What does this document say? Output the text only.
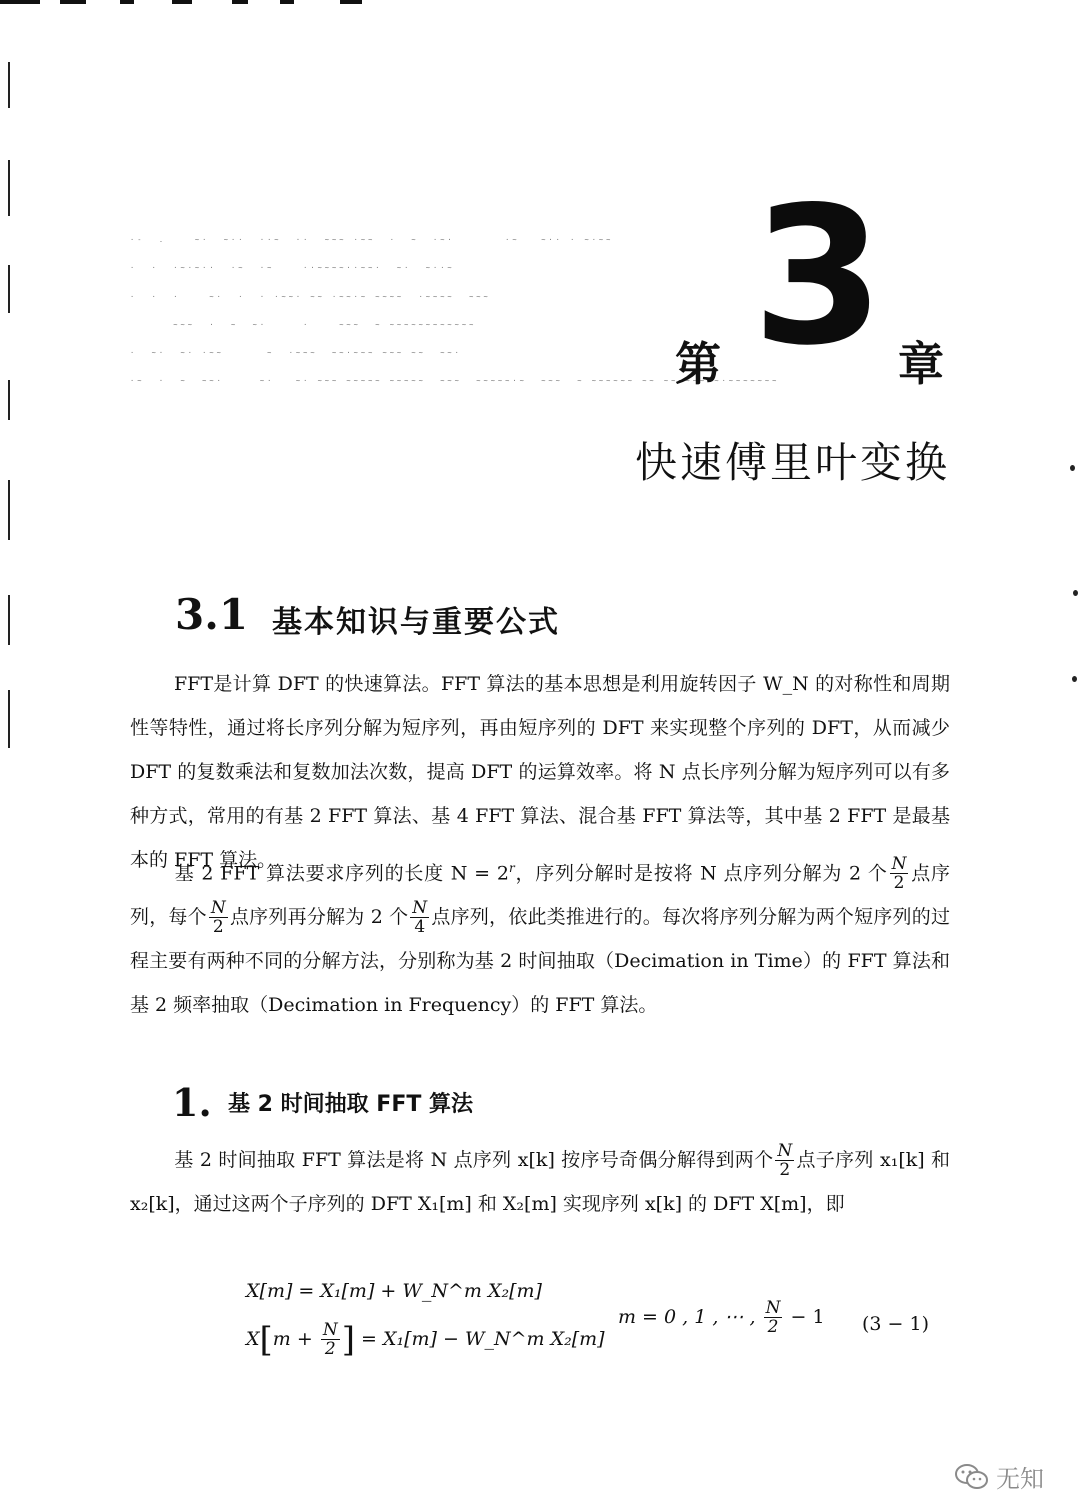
·-  .    ~·  ~··  ··~  ··  ~~~ ·~~  ·  ~  ·~·       ·~   ~·· · ~·~~
·  ·  ·~·~··  ·~  ·~    ··~~~~··~~·  ~·  ~··~
·  ·  ·    ~·  ·  · ·~~· ~~ ·~~·~ ~~~~  ·~~~~  ~~~
~~~  ·  ~  ~·     ·    ~~~  ~ ~~~~~~~~~~~~
·  ~·  ~· ·~~      ~  ·~~~  ~~·~~~ ~~~ ~~  ~~·
·~  ·  ~  ~~·     ~·   ~· ~~~ ~~~~~ ~~~~~  ~~~  ~~~~~·~  ~~~  ~ ~~~~~~ ~~ ~~~~~~ ~·~~~~~~~
第 3 章
快速傅里叶变换
3.1 基本知识与重要公式

FFT是计算 DFT 的快速算法。FFT 算法的基本思想是利用旋转因子 W_N 的对称性和周期性等特性，通过将长序列分解为短序列，再由短序列的 DFT 来实现整个序列的 DFT，从而减少 DFT 的复数乘法和复数加法次数，提高 DFT 的运算效率。将 N 点长序列分解为短序列可以有多种方式，常用的有基 2 FFT 算法、基 4 FFT 算法、混合基 FFT 算法等，其中基 2 FFT 是最基本的 FFT 算法。

基 2 FFT 算法要求序列的长度 $N = 2^r$，序列分解时是按将 N 点序列分解为 2 个 $\frac{N}{2}$ 点序列，每个 $\frac{N}{2}$ 点序列再分解为 2 个 $\frac{N}{4}$ 点序列，依此类推进行的。每次将序列分解为两个短序列的过程主要有两种不同的分解方法，分别称为基 2 时间抽取（Decimation in Time）的 FFT 算法和基 2 频率抽取（Decimation in Frequency）的 FFT 算法。

1. 基 2 时间抽取 FFT 算法

基 2 时间抽取 FFT 算法是将 N 点序列 x[k] 按序号奇偶分解得到两个 $\frac{N}{2}$ 点子序列 x₁[k] 和 x₂[k]，通过这两个子序列的 DFT X₁[m] 和 X₂[m] 实现序列 x[k] 的 DFT X[m]，即

X[m] = X₁[m] + W_N^m X₂[m]
$X[m + \frac{N}{2}$ ] = X₁[m] − W_N^m X₂[m]
m = 0 , 1 , ⋯ , $\frac{N}{2} - 1$ (3 − 1)
无知
